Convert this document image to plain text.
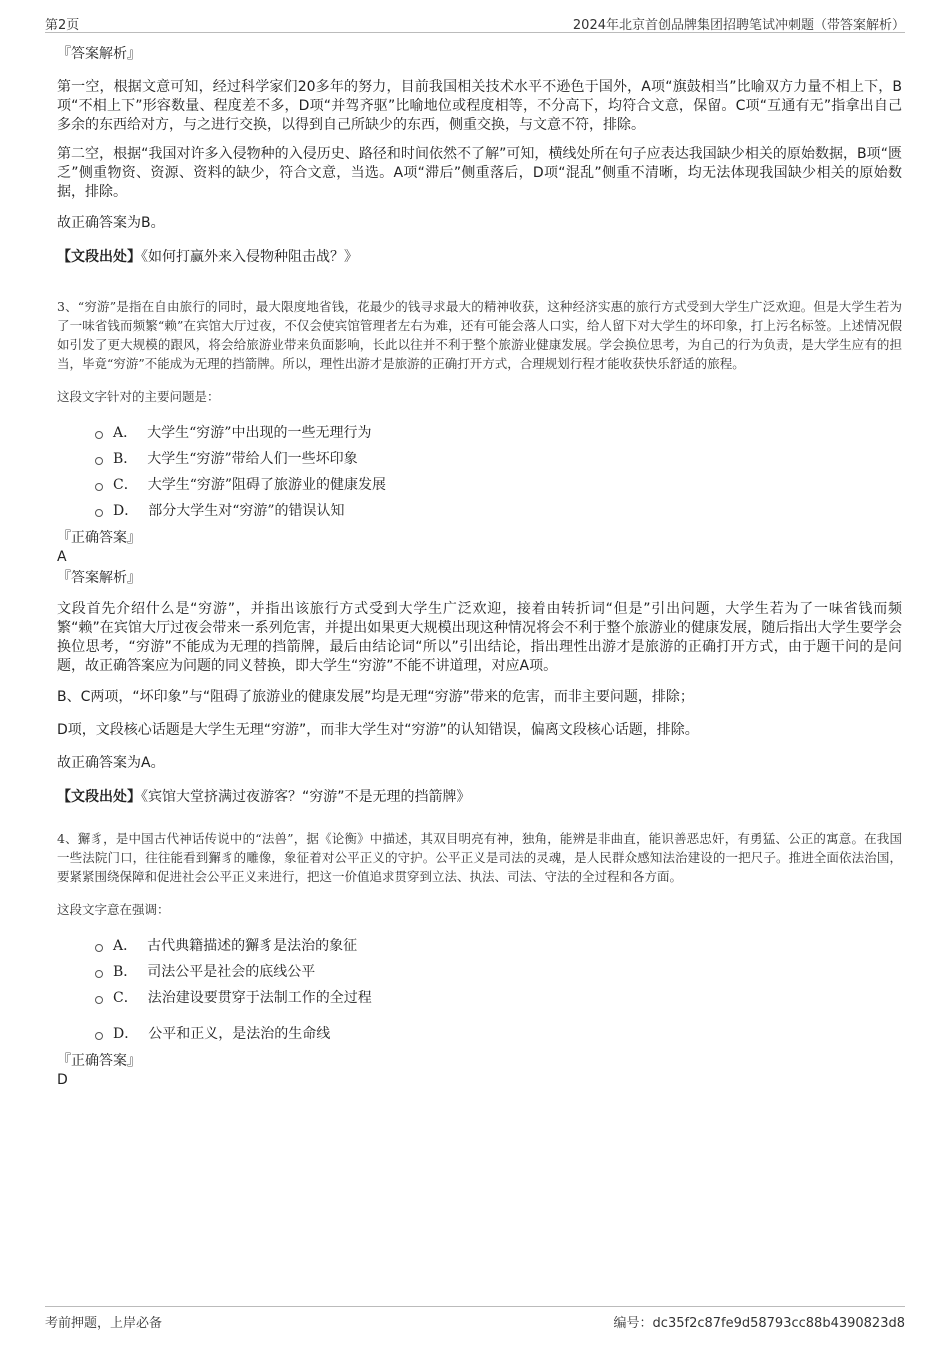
第2页	2024年北京首创品牌集团招聘笔试冲刺题（带答案解析）

『答案解析』

第一空，根据文意可知，经过科学家们20多年的努力，目前我国相关技术水平不逊色于国外，A项“旗鼓相当”比喻双方力量不相上下，B项“不相上下”形容数量、程度差不多，D项“并驾齐驱”比喻地位或程度相等，不分高下，均符合文意，保留。C项“互通有无”指拿出自己多余的东西给对方，与之进行交换，以得到自己所缺少的东西，侧重交换，与文意不符，排除。

第二空，根据“我国对许多入侵物种的入侵历史、路径和时间依然不了解”可知，横线处所在句子应表达我国缺少相关的原始数据，B项“匮乏”侧重物资、资源、资料的缺少，符合文意，当选。A项“滞后”侧重落后，D项“混乱”侧重不清晰，均无法体现我国缺少相关的原始数据，排除。

故正确答案为B。

【文段出处】《如何打赢外来入侵物种阻击战？》

3、“穷游”是指在自由旅行的同时，最大限度地省钱，花最少的钱寻求最大的精神收获，这种经济实惠的旅行方式受到大学生广泛欢迎。但是大学生若为了一味省钱而频繁“赖”在宾馆大厅过夜，不仅会使宾馆管理者左右为难，还有可能会落人口实，给人留下对大学生的坏印象，打上污名标签。上述情况假如引发了更大规模的跟风，将会给旅游业带来负面影响，长此以往并不利于整个旅游业健康发展。学会换位思考，为自己的行为负责，是大学生应有的担当，毕竟“穷游”不能成为无理的挡箭牌。所以，理性出游才是旅游的正确打开方式，合理规划行程才能收获快乐舒适的旅程。

这段文字针对的主要问题是：

A． 大学生“穷游”中出现的一些无理行为
B． 大学生“穷游”带给人们一些坏印象
C． 大学生“穷游”阻碍了旅游业的健康发展
D． 部分大学生对“穷游”的错误认知

『正确答案』

A

『答案解析』

文段首先介绍什么是“穷游”，并指出该旅行方式受到大学生广泛欢迎，接着由转折词“但是”引出问题，大学生若为了一味省钱而频繁“赖”在宾馆大厅过夜会带来一系列危害，并提出如果更大规模出现这种情况将会不利于整个旅游业的健康发展，随后指出大学生要学会换位思考，“穷游”不能成为无理的挡箭牌，最后由结论词“所以”引出结论，指出理性出游才是旅游的正确打开方式，由于题干问的是问题，故正确答案应为问题的同义替换，即大学生“穷游”不能不讲道理，对应A项。

B、C两项，“坏印象”与“阻碍了旅游业的健康发展”均是无理“穷游”带来的危害，而非主要问题，排除；

D项，文段核心话题是大学生无理“穷游”，而非大学生对“穷游”的认知错误，偏离文段核心话题，排除。

故正确答案为A。

【文段出处】《宾馆大堂挤满过夜游客？“穷游”不是无理的挡箭牌》

4、獬豸，是中国古代神话传说中的“法兽”，据《论衡》中描述，其双目明亮有神，独角，能辨是非曲直，能识善恶忠奸，有勇猛、公正的寓意。在我国一些法院门口，往往能看到獬豸的雕像，象征着对公平正义的守护。公平正义是司法的灵魂，是人民群众感知法治建设的一把尺子。推进全面依法治国，要紧紧围绕保障和促进社会公平正义来进行，把这一价值追求贯穿到立法、执法、司法、守法的全过程和各方面。

这段文字意在强调：

A． 古代典籍描述的獬豸是法治的象征
B． 司法公平是社会的底线公平
C． 法治建设要贯穿于法制工作的全过程
D． 公平和正义，是法治的生命线

『正确答案』

D

考前押题，上岸必备	编号：dc35f2c87fe9d58793cc88b4390823d8
